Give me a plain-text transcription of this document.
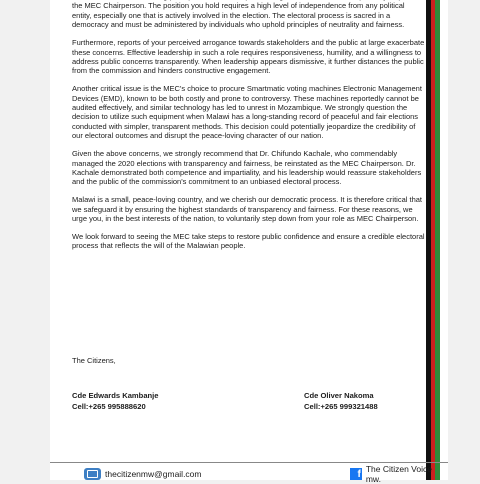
the MEC Chairperson. The position you hold requires a high level of independence from any political entity, especially one that is actively involved in the election. The electoral process is sacred in a democracy and must be administered by individuals who uphold principles of neutrality and fairness.

Furthermore, reports of your perceived arrogance towards stakeholders and the public at large exacerbate these concerns. Effective leadership in such a role requires responsiveness, humility, and a willingness to address public concerns transparently. When leadership appears dismissive, it further distances the public from the commission and hinders constructive engagement.

Another critical issue is the MEC's choice to procure Smartmatic voting machines Electronic Management Devices (EMD), known to be both costly and prone to controversy. These machines reportedly cannot be audited effectively, and similar technology has led to unrest in Mozambique. We strongly question the decision to utilize such equipment when Malawi has a long-standing record of peaceful and fair elections conducted with simpler, transparent methods. This decision could potentially jeopardize the credibility of our electoral outcomes and disrupt the peace-loving character of our nation.

Given the above concerns, we strongly recommend that Dr. Chifundo Kachale, who commendably managed the 2020 elections with transparency and fairness, be reinstated as the MEC Chairperson. Dr. Kachale demonstrated both competence and impartiality, and his leadership would reassure stakeholders and the public of the commission's commitment to an unbiased electoral process.

Malawi is a small, peace-loving country, and we cherish our democratic process. It is therefore critical that we safeguard it by ensuring the highest standards of transparency and fairness. For these reasons, we urge you, in the best interests of the nation, to voluntarily step down from your role as MEC Chairperson.

We look forward to seeing the MEC take steps to restore public confidence and ensure a credible electoral process that reflects the will of the Malawian people.

The Citizens,
Cde Edwards Kambanje
Cell:+265 995888620
Cde Oliver Nakoma
Cell:+265 999321488
thecitizenmw@gmail.com	f The Citizen Voice mw.
